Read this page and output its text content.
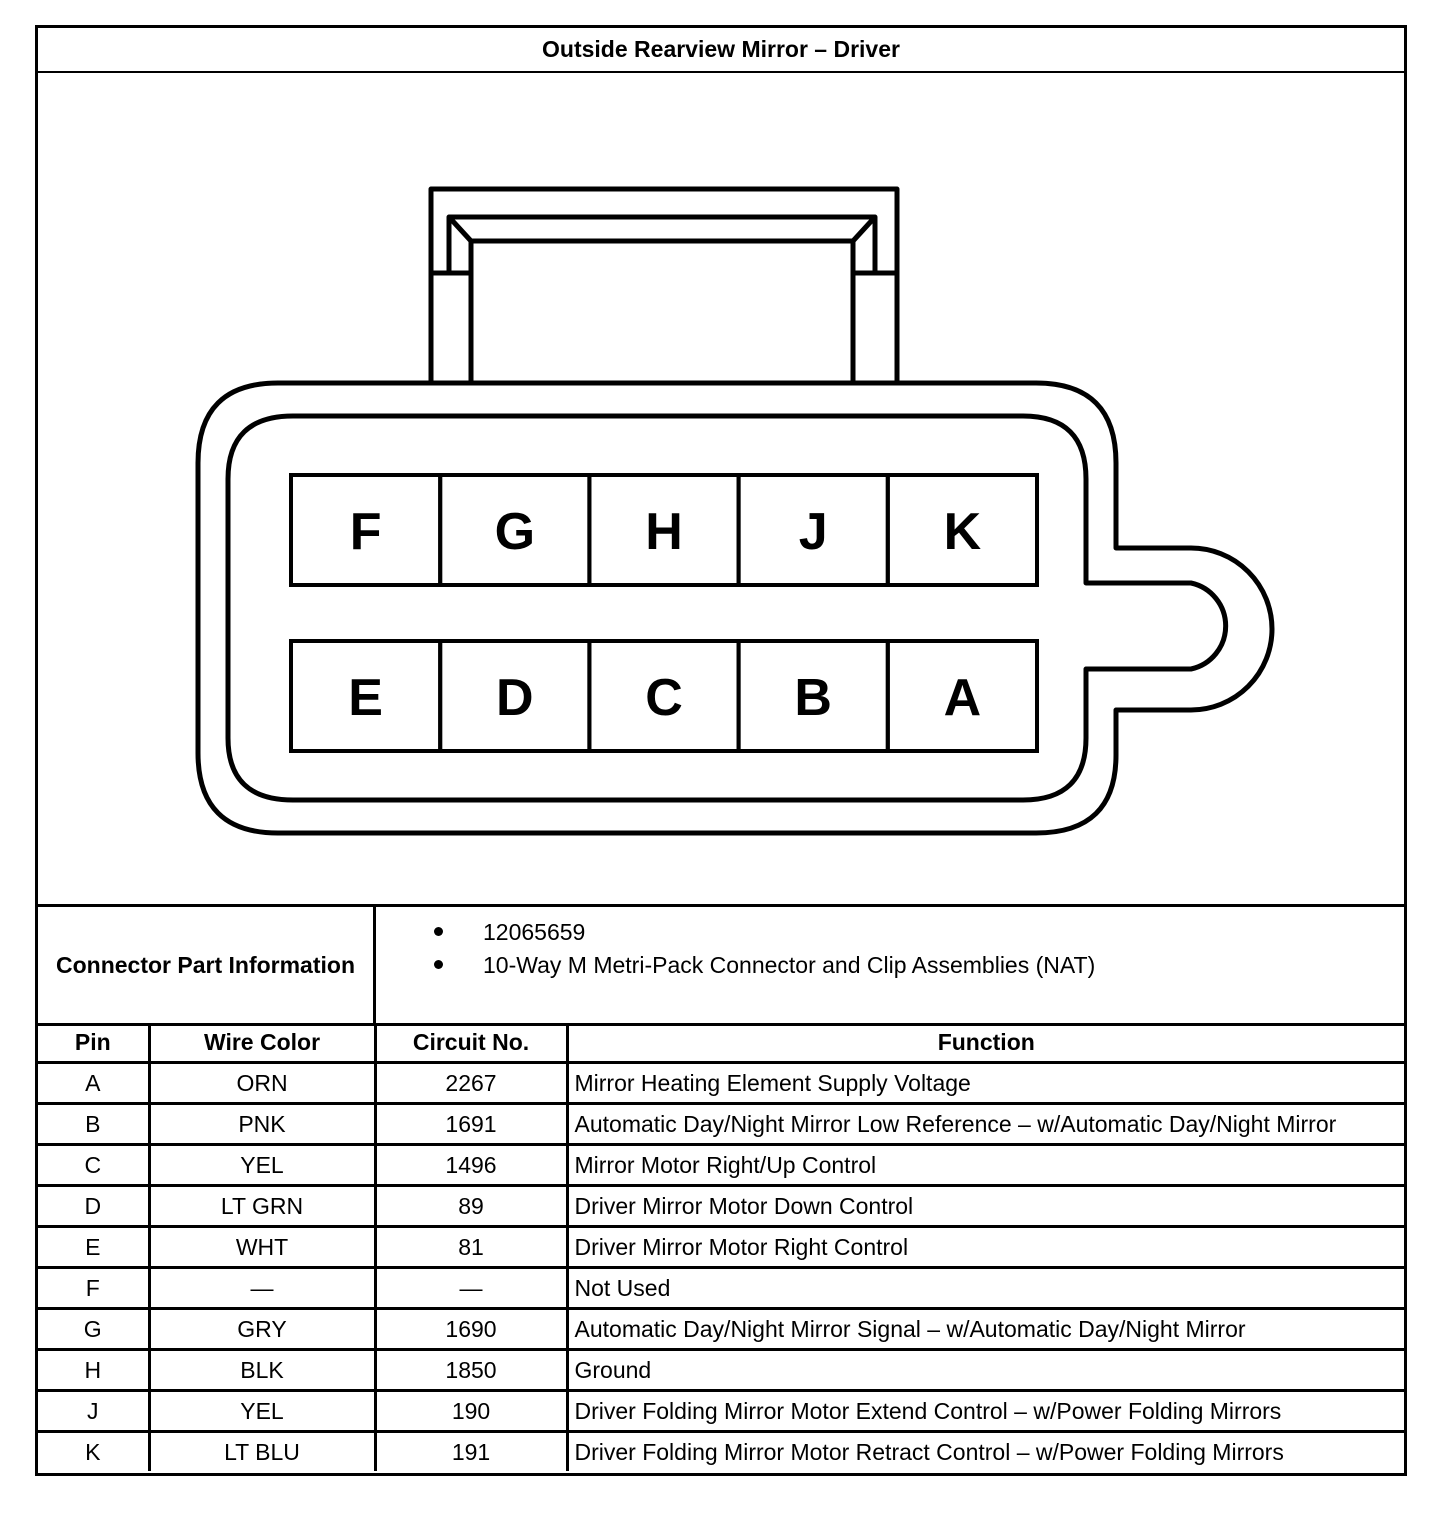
Outside Rearview Mirror – Driver
F G H J K
E D C B A
Connector Part Information
12065659
10-Way M Metri-Pack Connector and Clip Assemblies (NAT)
Pin	Wire Color	Circuit No.	Function
A	ORN	2267	Mirror Heating Element Supply Voltage
B	PNK	1691	Automatic Day/Night Mirror Low Reference – w/Automatic Day/Night Mirror
C	YEL	1496	Mirror Motor Right/Up Control
D	LT GRN	89	Driver Mirror Motor Down Control
E	WHT	81	Driver Mirror Motor Right Control
F	—	—	Not Used
G	GRY	1690	Automatic Day/Night Mirror Signal – w/Automatic Day/Night Mirror
H	BLK	1850	Ground
J	YEL	190	Driver Folding Mirror Motor Extend Control – w/Power Folding Mirrors
K	LT BLU	191	Driver Folding Mirror Motor Retract Control – w/Power Folding Mirrors
